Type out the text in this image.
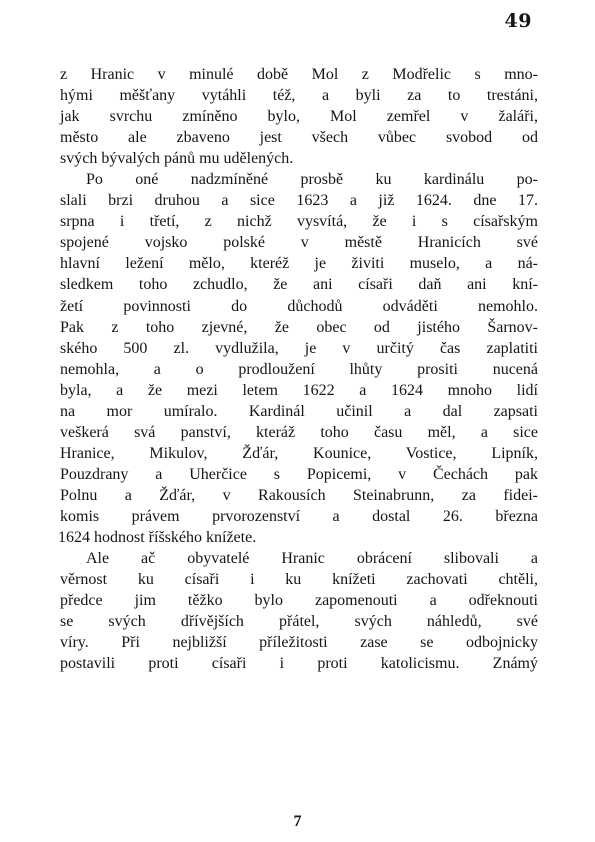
49
z Hranic v minulé době Mol z Modřelic s mno-
hými měšťany vytáhli též, a byli za to trestáni,
jak svrchu zmíněno bylo, Mol zemřel v žaláři,
město ale zbaveno jest všech vůbec svobod od
svých bývalých pánů mu udělených.
Po oné nadzmíněné prosbě ku kardinálu po-
slali brzi druhou a sice 1623 a již 1624. dne 17.
srpna i třetí, z nichž vysvítá, že i s císařským
spojené vojsko polské v městě Hranicích své
hlavní ležení mělo, kteréž je živiti muselo, a ná-
sledkem toho zchudlo, že ani císaři daň ani kní-
žetí povinnosti do důchodů odváděti nemohlo.
Pak z toho zjevné, že obec od jistého Šarnov-
ského 500 zl. vydlužila, je v určitý čas zaplatiti
nemohla, a o prodloužení lhůty prositi nucená
byla, a že mezi letem 1622 a 1624 mnoho lidí
na mor umíralo. Kardinál učinil a dal zapsati
veškerá svá panství, kteráž toho času měl, a sice
Hranice, Mikulov, Žďár, Kounice, Vostice, Lipník,
Pouzdrany a Uherčice s Popicemi, v Čechách pak
Polnu a Žďár, v Rakousích Steinabrunn, za fidei-
komis právem prvorozenství a dostal 26. března
1624 hodnost říšského knížete.
Ale ač obyvatelé Hranic obrácení slibovali a
věrnost ku císaři i ku knížeti zachovati chtěli,
předce jim těžko bylo zapomenouti a odřeknouti
se svých dřívějších přátel, svých náhledů, své
víry. Při nejbližší příležitosti zase se odbojnicky
postavili proti císaři i proti katolicismu. Známý
7
